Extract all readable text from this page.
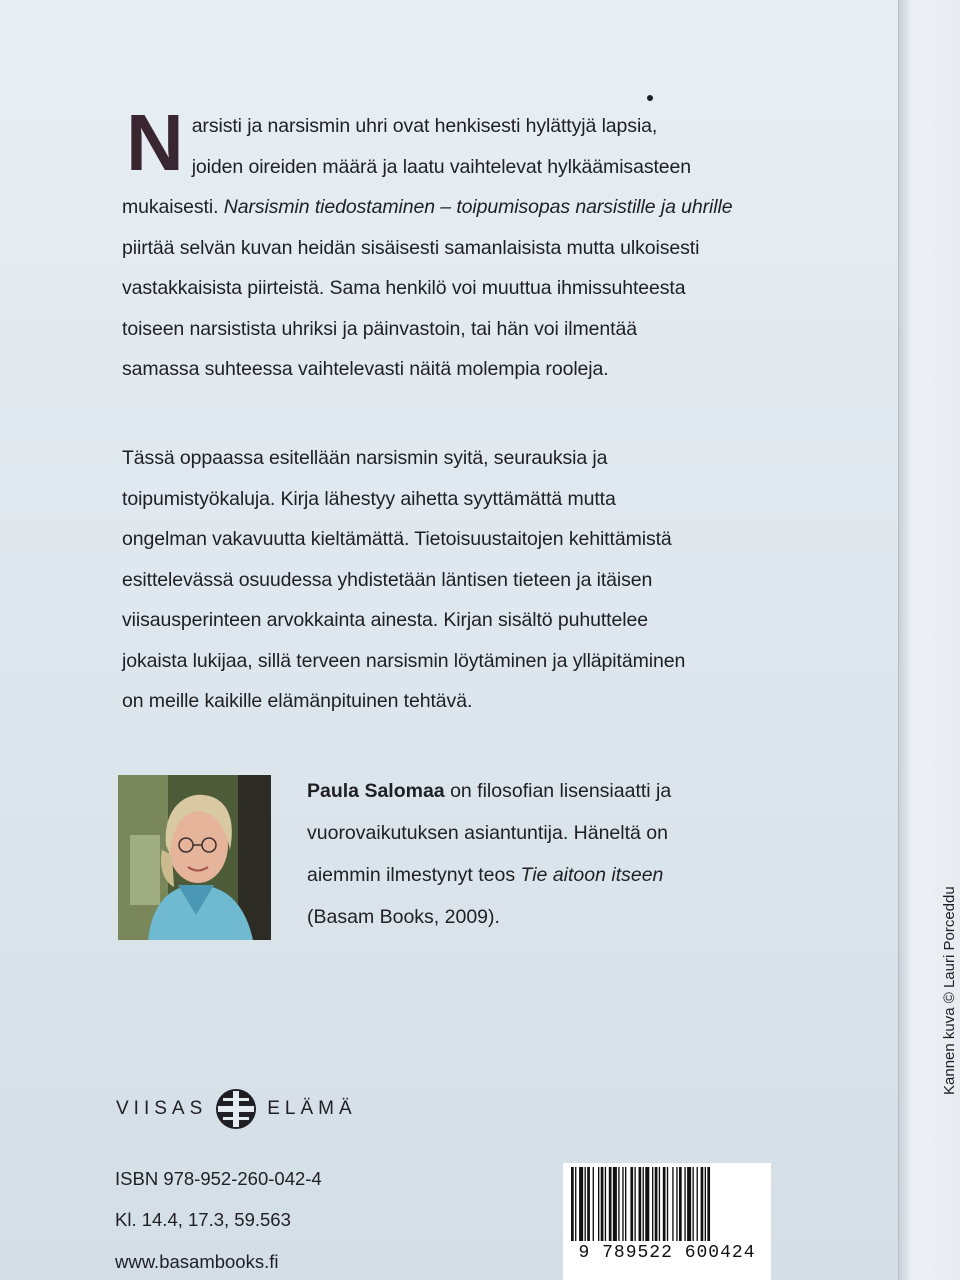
N arsisti ja narsismin uhri ovat henkisesti hylättyjä lapsia,

joiden oireiden määrä ja laatu vaihtelevat hylkäämisasteen

mukaisesti. Narsismin tiedostaminen – toipumisopas narsistille ja uhrille

piirtää selvän kuvan heidän sisäisesti samanlaisista mutta ulkoisesti

vastakkaisista piirteistä. Sama henkilö voi muuttua ihmissuhteesta

toiseen narsistista uhriksi ja päinvastoin, tai hän voi ilmentää

samassa suhteessa vaihtelevasti näitä molempia rooleja.

Tässä oppaassa esitellään narsismin syitä, seurauksia ja

toipumistyökaluja. Kirja lähestyy aihetta syyttämättä mutta

ongelman vakavuutta kieltämättä. Tietoisuustaitojen kehittämistä

esittelevässä osuudessa yhdistetään läntisen tieteen ja itäisen

viisausperinteen arvokkainta ainesta. Kirjan sisältö puhuttelee

jokaista lukijaa, sillä terveen narsismin löytäminen ja ylläpitäminen

on meille kaikille elämänpituinen tehtävä.

Paula Salomaa on filosofian lisensiaatti ja
vuorovaikutuksen asiantuntija. Häneltä on
aiemmin ilmestynyt teos Tie aitoon itseen
(Basam Books, 2009).	Kannen kuva © Lauri Porceddu
VIISAS	ELÄMÄ
ISBN 978-952-260-042-4
Kl. 14.4, 17.3, 59.563
www.basambooks.fi	9 789522 600424
